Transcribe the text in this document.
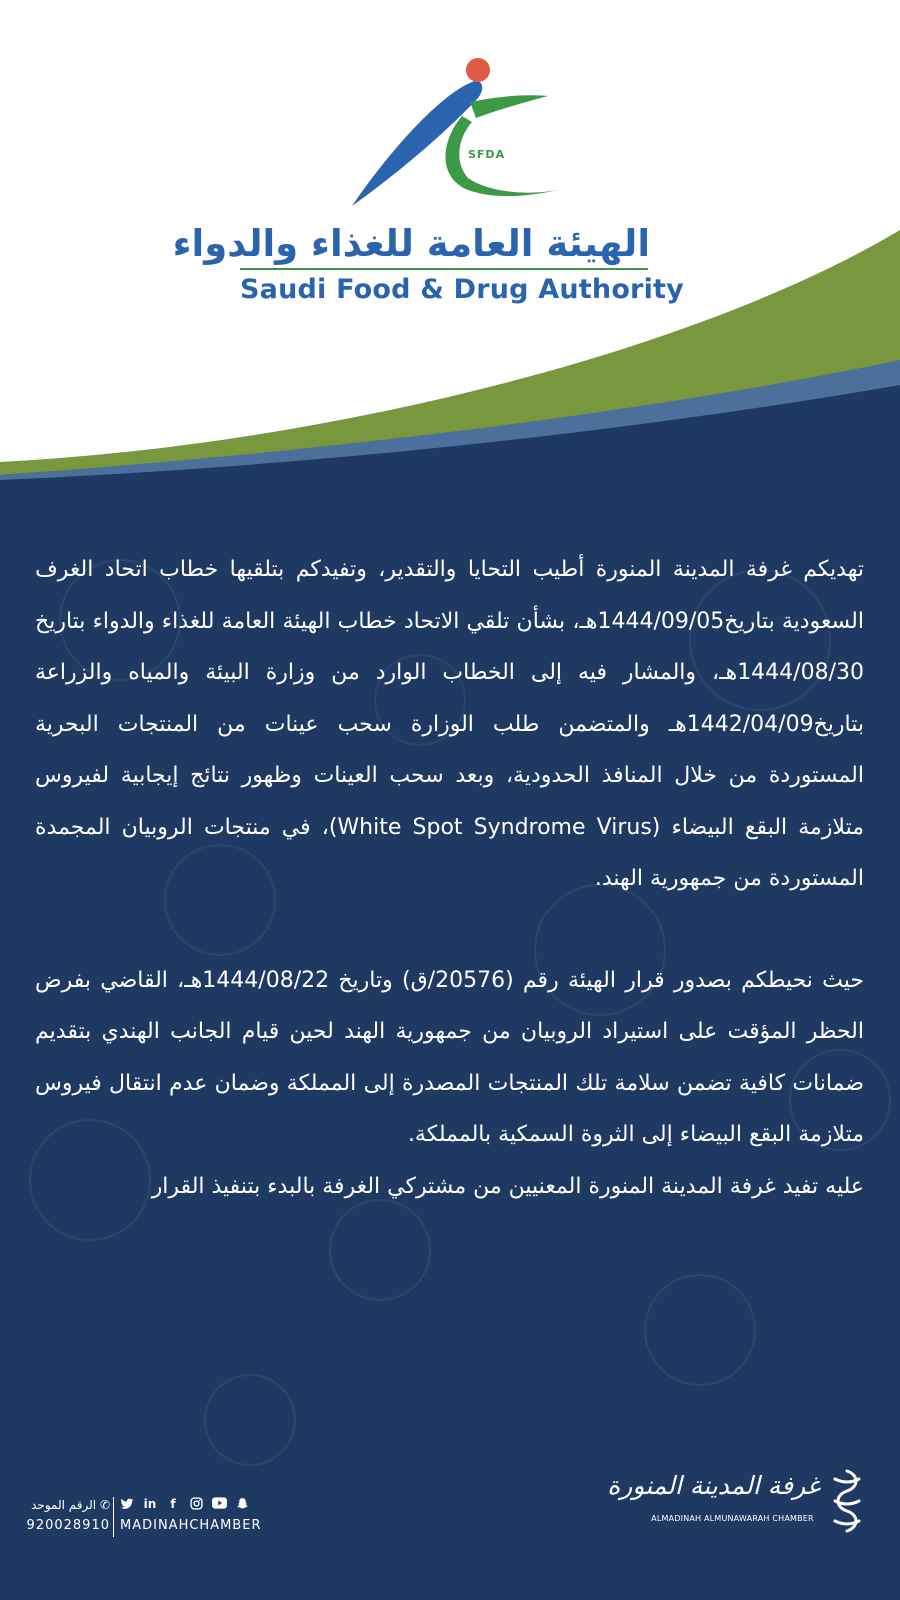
SFDA
الهيئة العامة للغذاء والدواء
Saudi Food & Drug Authority

تهديكم غرفة المدينة المنورة أطيب التحايا والتقدير، وتفيدكم بتلقيها خطاب اتحاد الغرف السعودية بتاريخ1444/09/05هـ، بشأن تلقي الاتحاد خطاب الهيئة العامة للغذاء والدواء بتاريخ 1444/08/30هـ، والمشار فيه إلى الخطاب الوارد من وزارة البيئة والمياه والزراعة بتاريخ1442/04/09هـ والمتضمن طلب الوزارة سحب عينات من المنتجات البحرية المستوردة من خلال المنافذ الحدودية، وبعد سحب العينات وظهور نتائج إيجابية لفيروس متلازمة البقع البيضاء (White Spot Syndrome Virus)، في منتجات الروبيان المجمدة المستوردة من جمهورية الهند.

حيث نحيطكم بصدور قرار الهيئة رقم (20576/ق) وتاريخ 1444/08/22هـ، القاضي بفرض الحظر المؤقت على استيراد الروبيان من جمهورية الهند لحين قيام الجانب الهندي بتقديم ضمانات كافية تضمن سلامة تلك المنتجات المصدرة إلى المملكة وضمان عدم انتقال فيروس متلازمة البقع البيضاء إلى الثروة السمكية بالمملكة.

عليه تفيد غرفة المدينة المنورة المعنيين من مشتركي الغرفة بالبدء بتنفيذ القرار

✆ الرقم الموحد
920028910
in	f
MADINAHCHAMBER
غرفة المدينة المنورة
ALMADINAH ALMUNAWARAH CHAMBER
